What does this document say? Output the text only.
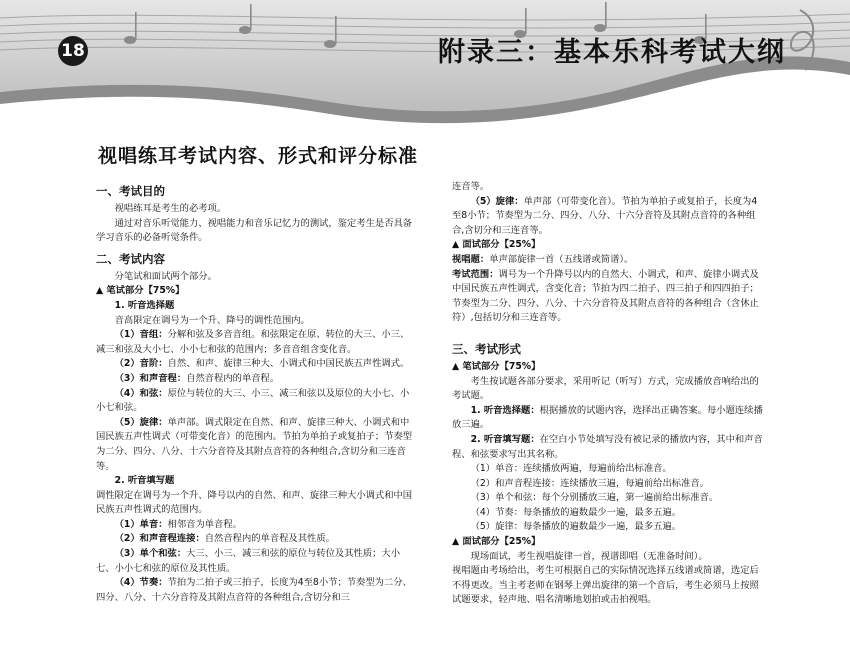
18	附录三：基本乐科考试大纲
视唱练耳考试内容、形式和评分标准

一、考试目的

视唱练耳是考生的必考项。

通过对音乐听觉能力、视唱能力和音乐记忆力的测试，鉴定考生是否具备学习音乐的必备听觉条件。

二、考试内容

分笔试和面试两个部分。

▲ 笔试部分【75%】

1. 听音选择题

音高限定在调号为一个升、降号的调性范围内。

（1）音组：分解和弦及多音音组。和弦限定在原、转位的大三、小三、减三和弦及大小七、小小七和弦的范围内；多音音组含变化音。

（2）音阶：自然、和声、旋律三种大、小调式和中国民族五声性调式。

（3）和声音程：自然音程内的单音程。

（4）和弦：原位与转位的大三、小三、减三和弦以及原位的大小七、小小七和弦。

（5）旋律：单声部。调式限定在自然、和声、旋律三种大、小调式和中国民族五声性调式（可带变化音）的范围内。节拍为单拍子或复拍子；节奏型为二分、四分、八分、十六分音符及其附点音符的各种组合,含切分和三连音等。

2. 听音填写题

调性限定在调号为一个升、降号以内的自然、和声、旋律三种大小调式和中国民族五声性调式的范围内。

（1）单音：相邻音为单音程。

（2）和声音程连接：自然音程内的单音程及其性质。

（3）单个和弦：大三、小三、减三和弦的原位与转位及其性质；大小七、小小七和弦的原位及其性质。

（4）节奏：节拍为二拍子或三拍子，长度为4至8小节；节奏型为二分、四分、八分、十六分音符及其附点音符的各种组合,含切分和三

连音等。

（5）旋律：单声部（可带变化音）。节拍为单拍子或复拍子，长度为4至8小节；节奏型为二分、四分、八分、十六分音符及其附点音符的各种组合,含切分和三连音等。

▲ 面试部分【25%】

视唱题：单声部旋律一首（五线谱或简谱）。

考试范围：调号为一个升降号以内的自然大、小调式，和声、旋律小调式及中国民族五声性调式，含变化音；节拍为四二拍子、四三拍子和四四拍子；节奏型为二分、四分、八分、十六分音符及其附点音符的各种组合（含休止符）,包括切分和三连音等。

三、考试形式

▲ 笔试部分【75%】

考生按试题各部分要求，采用听记（听写）方式，完成播放音响给出的考试题。

1. 听音选择题：根据播放的试题内容，选择出正确答案。每小题连续播放三遍。

2. 听音填写题：在空白小节处填写没有被记录的播放内容，其中和声音程、和弦要求写出其名称。

（1）单音：连续播放两遍，每遍前给出标准音。

（2）和声音程连接：连续播放三遍，每遍前给出标准音。

（3）单个和弦：每个分别播放三遍，第一遍前给出标准音。

（4）节奏：每条播放的遍数最少一遍，最多五遍。

（5）旋律：每条播放的遍数最少一遍，最多五遍。

▲ 面试部分【25%】

现场面试，考生视唱旋律一首，视谱即唱（无准备时间）。

视唱题由考场给出，考生可根据自己的实际情况选择五线谱或简谱，选定后不得更改。当主考老师在钢琴上弹出旋律的第一个音后，考生必须马上按照试题要求，轻声地、唱名清晰地划拍或击拍视唱。
